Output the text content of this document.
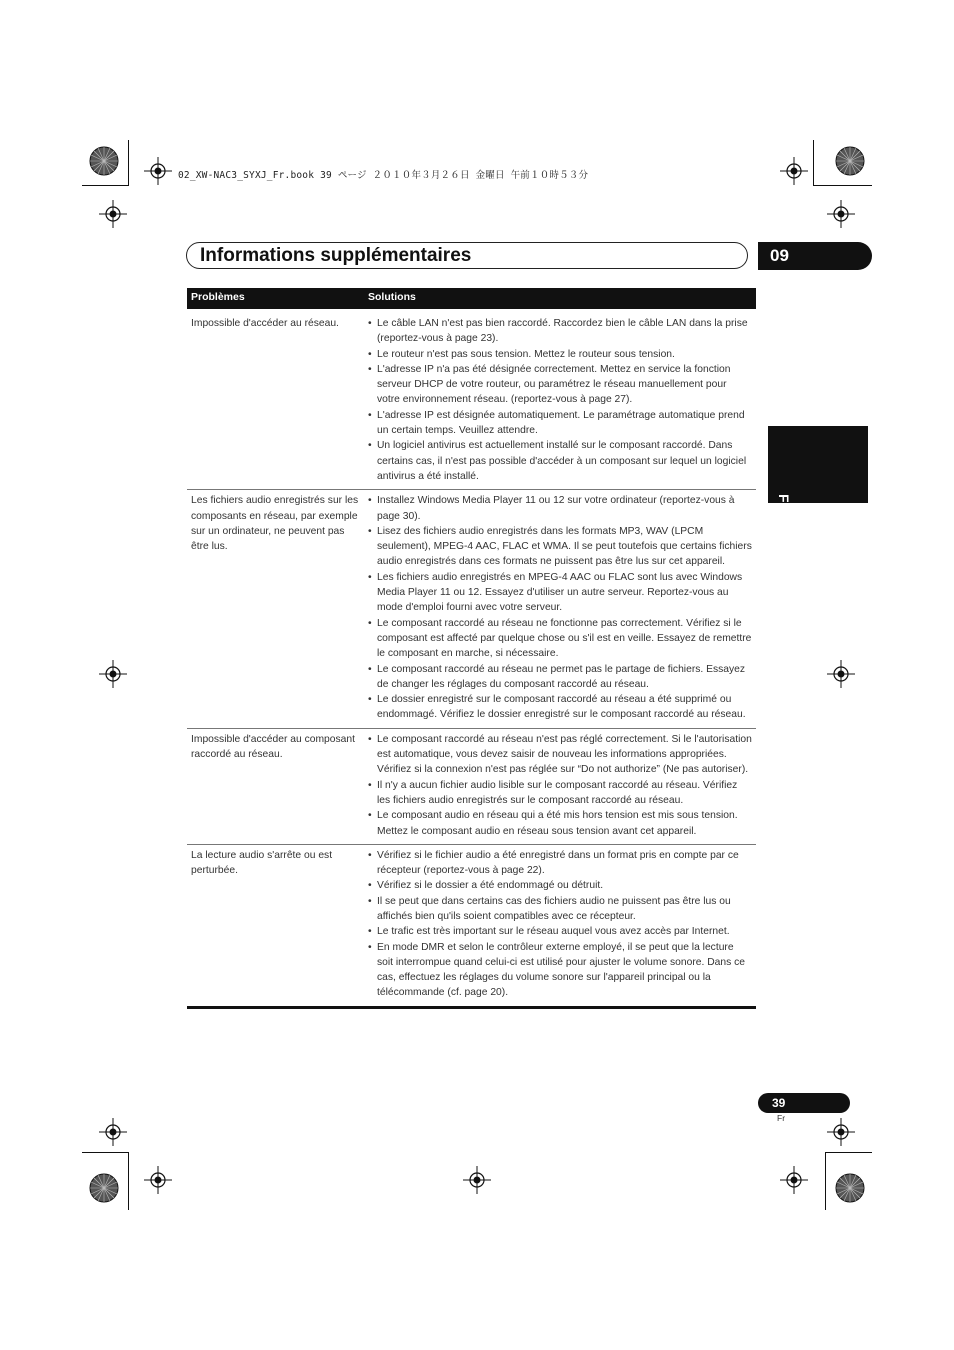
02_XW-NAC3_SYXJ_Fr.book 39 ページ ２０１０年３月２６日 金曜日 午前１０時５３分
Informations supplémentaires	09
Français
Problèmes	Solutions
Impossible d'accéder au réseau.
•	Le câble LAN n'est pas bien raccordé. Raccordez bien le câble LAN dans la prise (reportez-vous à page 23).
• Le routeur n'est pas sous tension. Mettez le routeur sous tension.
• L'adresse IP n'a pas été désignée correctement. Mettez en service la fonction serveur DHCP de votre routeur, ou paramétrez le réseau manuellement pour votre environnement réseau. (reportez-vous à page 27).
• L'adresse IP est désignée automatiquement. Le paramétrage automatique prend un certain temps. Veuillez attendre.
• Un logiciel antivirus est actuellement installé sur le composant raccordé. Dans certains cas, il n'est pas possible d'accéder à un composant sur lequel un logiciel antivirus a été installé.
Les fichiers audio enregistrés sur les composants en réseau, par exemple sur un ordinateur, ne peuvent pas être lus.
• Installez Windows Media Player 11 ou 12 sur votre ordinateur (reportez-vous à page 30).
• Lisez des fichiers audio enregistrés dans les formats MP3, WAV (LPCM seulement), MPEG-4 AAC, FLAC et WMA. Il se peut toutefois que certains fichiers audio enregistrés dans ces formats ne puissent pas être lus sur cet appareil.
• Les fichiers audio enregistrés en MPEG-4 AAC ou FLAC sont lus avec Windows Media Player 11 ou 12. Essayez d'utiliser un autre serveur. Reportez-vous au mode d'emploi fourni avec votre serveur.
• Le composant raccordé au réseau ne fonctionne pas correctement. Vérifiez si le composant est affecté par quelque chose ou s'il est en veille. Essayez de remettre le composant en marche, si nécessaire.
• Le composant raccordé au réseau ne permet pas le partage de fichiers. Essayez de changer les réglages du composant raccordé au réseau.
• Le dossier enregistré sur le composant raccordé au réseau a été supprimé ou endommagé. Vérifiez le dossier enregistré sur le composant raccordé au réseau.
Impossible d'accéder au composant raccordé au réseau.
• Le composant raccordé au réseau n'est pas réglé correctement. Si le l'autorisation est automatique, vous devez saisir de nouveau les informations appropriées. Vérifiez si la connexion n'est pas réglée sur “Do not authorize” (Ne pas autoriser).
• Il n'y a aucun fichier audio lisible sur le composant raccordé au réseau. Vérifiez les fichiers audio enregistrés sur le composant raccordé au réseau.
• Le composant audio en réseau qui a été mis hors tension est mis sous tension. Mettez le composant audio en réseau sous tension avant cet appareil.
La lecture audio s'arrête ou est perturbée.
• Vérifiez si le fichier audio a été enregistré dans un format pris en compte par ce récepteur (reportez-vous à page 22).
• Vérifiez si le dossier a été endommagé ou détruit.
• Il se peut que dans certains cas des fichiers audio ne puissent pas être lus ou affichés bien qu'ils soient compatibles avec ce récepteur.
• Le trafic est très important sur le réseau auquel vous avez accès par Internet.
• En mode DMR et selon le contrôleur externe employé, il se peut que la lecture soit interrompue quand celui-ci est utilisé pour ajuster le volume sonore. Dans ce cas, effectuez les réglages du volume sonore sur l'appareil principal ou la télécommande (cf. page 20).
39
Fr
